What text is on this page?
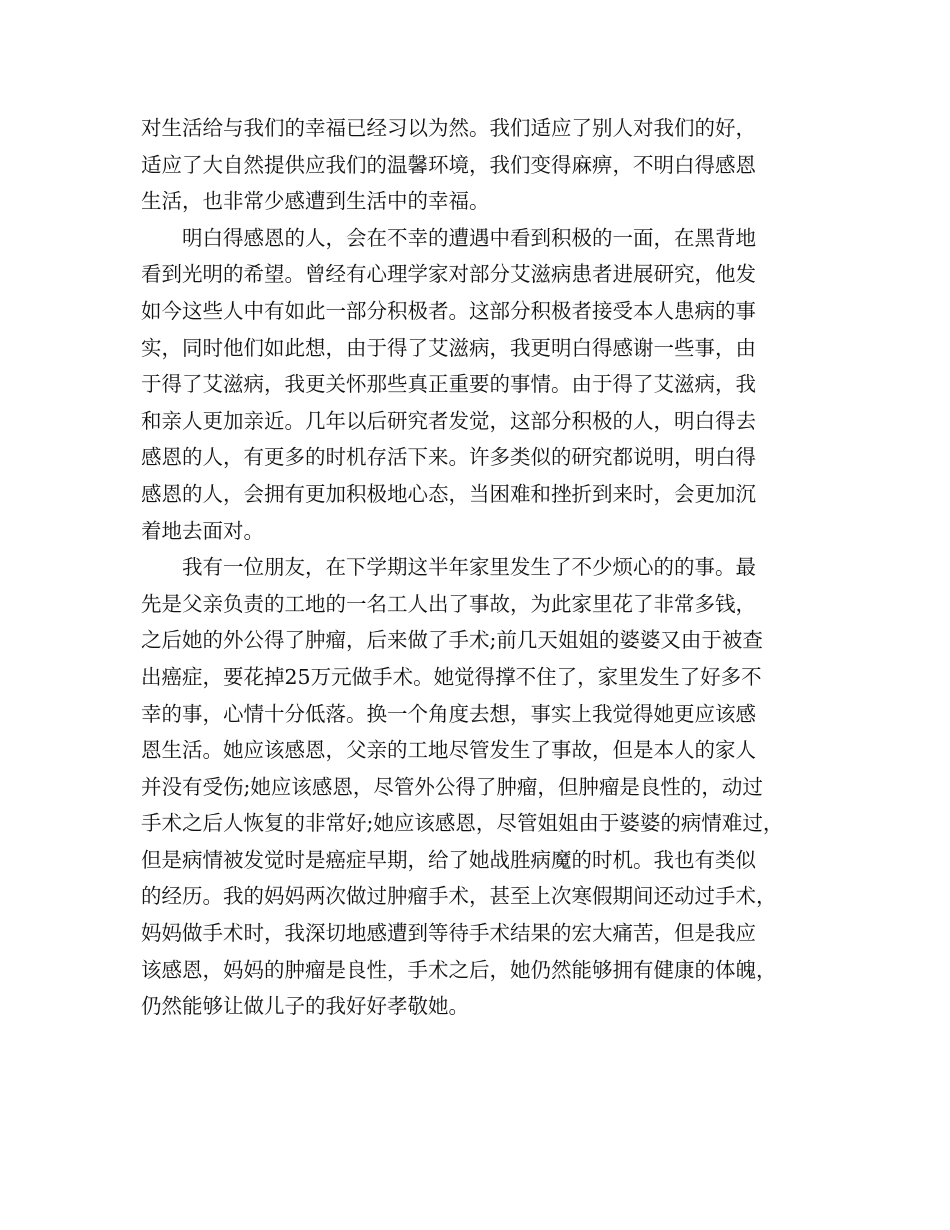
对生活给与我们的幸福已经习以为然。我们适应了别人对我们的好，
适应了大自然提供应我们的温馨环境，我们变得麻痹，不明白得感恩
生活，也非常少感遭到生活中的幸福。
　　明白得感恩的人，会在不幸的遭遇中看到积极的一面，在黑背地
看到光明的希望。曾经有心理学家对部分艾滋病患者进展研究，他发
如今这些人中有如此一部分积极者。这部分积极者接受本人患病的事
实，同时他们如此想，由于得了艾滋病，我更明白得感谢一些事，由
于得了艾滋病，我更关怀那些真正重要的事情。由于得了艾滋病，我
和亲人更加亲近。几年以后研究者发觉，这部分积极的人，明白得去
感恩的人，有更多的时机存活下来。许多类似的研究都说明，明白得
感恩的人，会拥有更加积极地心态，当困难和挫折到来时，会更加沉
着地去面对。
　　我有一位朋友，在下学期这半年家里发生了不少烦心的的事。最
先是父亲负责的工地的一名工人出了事故，为此家里花了非常多钱，
之后她的外公得了肿瘤，后来做了手术;前几天姐姐的婆婆又由于被查
出癌症，要花掉25万元做手术。她觉得撑不住了，家里发生了好多不
幸的事，心情十分低落。换一个角度去想，事实上我觉得她更应该感
恩生活。她应该感恩，父亲的工地尽管发生了事故，但是本人的家人
并没有受伤;她应该感恩，尽管外公得了肿瘤，但肿瘤是良性的，动过
手术之后人恢复的非常好;她应该感恩，尽管姐姐由于婆婆的病情难过，
但是病情被发觉时是癌症早期，给了她战胜病魔的时机。我也有类似
的经历。我的妈妈两次做过肿瘤手术，甚至上次寒假期间还动过手术，
妈妈做手术时，我深切地感遭到等待手术结果的宏大痛苦，但是我应
该感恩，妈妈的肿瘤是良性，手术之后，她仍然能够拥有健康的体魄，
仍然能够让做儿子的我好好孝敬她。
